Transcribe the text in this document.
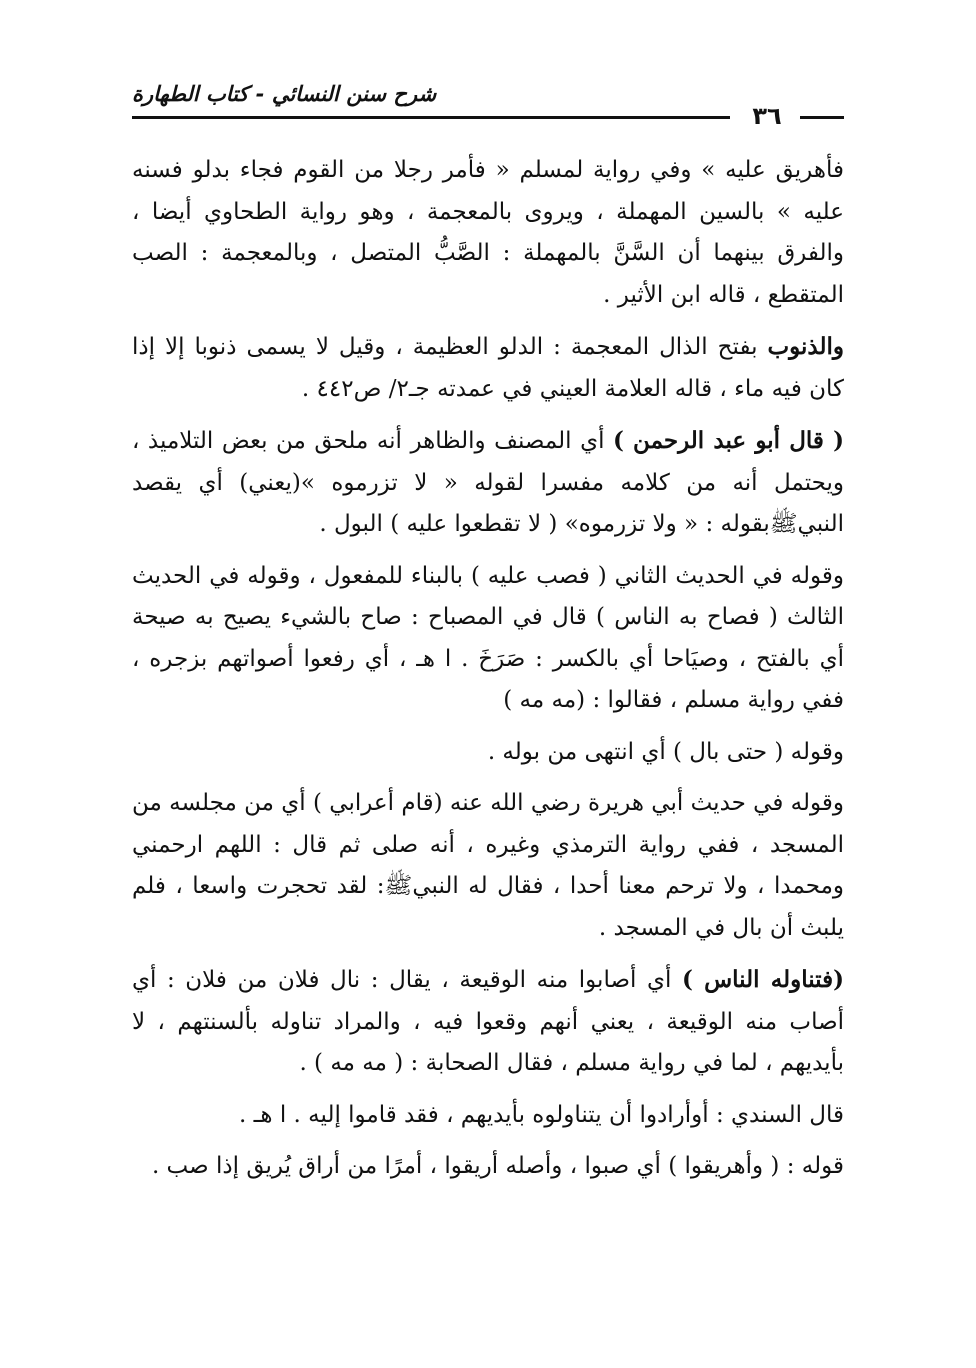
شرح سنن النسائي - كتاب الطهارة
٣٦

فأهريق عليه » وفي رواية لمسلم « فأمر رجلا من القوم فجاء بدلو فسنه عليه » بالسين المهملة ، ويروى بالمعجمة ، وهو رواية الطحاوي أيضا ، والفرق بينهما أن السَّنَّ بالمهملة : الصَّبُّ المتصل ، وبالمعجمة : الصب المتقطع ، قاله ابن الأثير .

والذنوب بفتح الذال المعجمة : الدلو العظيمة ، وقيل لا يسمى ذنوبا إلا إذا كان فيه ماء ، قاله العلامة العيني في عمدته جـ٢/ ص٤٤٢ .

( قال أبو عبد الرحمن ) أي المصنف والظاهر أنه ملحق من بعض التلاميذ ، ويحتمل أنه من كلامه مفسرا لقوله « لا تزرموه »(يعني) أي يقصد النبيﷺبقوله : « ولا تزرموه» ( لا تقطعوا عليه ) البول .

وقوله في الحديث الثاني ( فصب عليه ) بالبناء للمفعول ، وقوله في الحديث الثالث ( فصاح به الناس ) قال في المصباح : صاح بالشيء يصيح به صيحة أي بالفتح ، وصيَاحا أي بالكسر : صَرَخَ . ا هـ ، أي رفعوا أصواتهم بزجره ، ففي رواية مسلم ، فقالوا : (مه مه )

وقوله ( حتى بال ) أي انتهى من بوله .

وقوله في حديث أبي هريرة رضي الله عنه (قام أعرابي ) أي من مجلسه من المسجد ، ففي رواية الترمذي وغيره ، أنه صلى ثم قال : اللهم ارحمني ومحمدا ، ولا ترحم معنا أحدا ، فقال له النبيﷺ: لقد تحجرت واسعا ، فلم يلبث أن بال في المسجد .

(فتناوله الناس ) أي أصابوا منه الوقيعة ، يقال : نال فلان من فلان : أي أصاب منه الوقيعة ، يعني أنهم وقعوا فيه ، والمراد تناوله بألسنتهم ، لا بأيديهم ، لما في رواية مسلم ، فقال الصحابة : ( مه مه ) .

قال السندي : أوأرادوا أن يتناولوه بأيديهم ، فقد قاموا إليه . ا هـ .

قوله : ( وأهريقوا ) أي صبوا ، وأصله أريقوا ، أمرًا من أراق يُريق إذا صب .
